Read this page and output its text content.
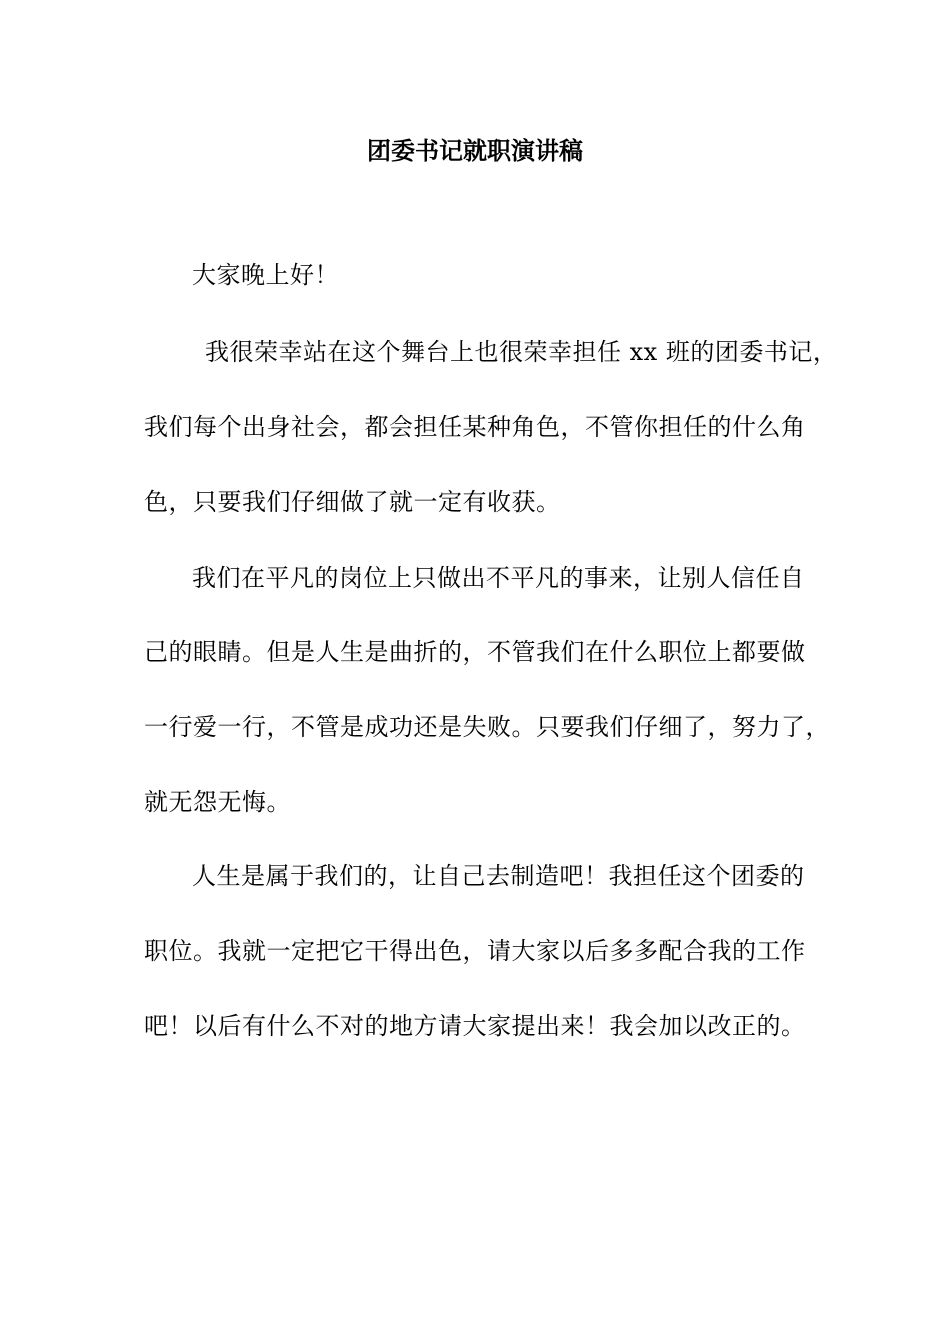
团委书记就职演讲稿
大家晚上好！
我很荣幸站在这个舞台上也很荣幸担任 xx 班的团委书记，
我们每个出身社会，都会担任某种角色，不管你担任的什么角
色，只要我们仔细做了就一定有收获。
我们在平凡的岗位上只做出不平凡的事来，让别人信任自
己的眼睛。但是人生是曲折的，不管我们在什么职位上都要做
一行爱一行，不管是成功还是失败。只要我们仔细了，努力了，
就无怨无悔。
人生是属于我们的，让自己去制造吧！我担任这个团委的
职位。我就一定把它干得出色，请大家以后多多配合我的工作
吧！以后有什么不对的地方请大家提出来！我会加以改正的。
